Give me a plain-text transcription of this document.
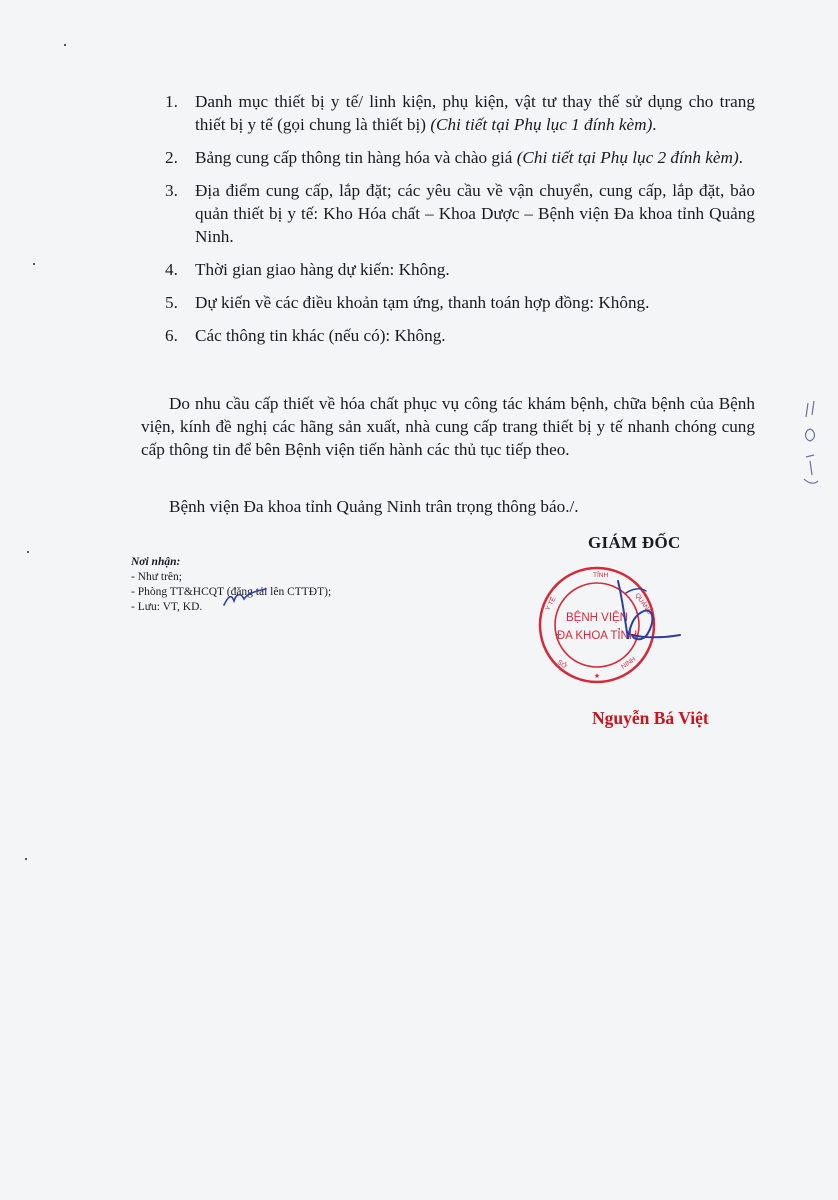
1. Danh mục thiết bị y tế/ linh kiện, phụ kiện, vật tư thay thế sử dụng cho trang thiết bị y tế (gọi chung là thiết bị) (Chi tiết tại Phụ lục 1 đính kèm).
2. Bảng cung cấp thông tin hàng hóa và chào giá (Chi tiết tại Phụ lục 2 đính kèm).
3. Địa điểm cung cấp, lắp đặt; các yêu cầu về vận chuyển, cung cấp, lắp đặt, bảo quản thiết bị y tế: Kho Hóa chất – Khoa Dược – Bệnh viện Đa khoa tỉnh Quảng Ninh.
4. Thời gian giao hàng dự kiến: Không.
5. Dự kiến về các điều khoản tạm ứng, thanh toán hợp đồng: Không.
6. Các thông tin khác (nếu có): Không.

Do nhu cầu cấp thiết về hóa chất phục vụ công tác khám bệnh, chữa bệnh của Bệnh viện, kính đề nghị các hãng sản xuất, nhà cung cấp trang thiết bị y tế nhanh chóng cung cấp thông tin để bên Bệnh viện tiến hành các thủ tục tiếp theo.

Bệnh viện Đa khoa tỉnh Quảng Ninh trân trọng thông báo./.

Nơi nhận:
- Như trên;
- Phòng TT&HCQT (đăng tải lên CTTĐT);
- Lưu: VT, KD.
GIÁM ĐỐC
TỈNH
QUẢNG
Y TẾ
SỞ	NINH
★
BỆNH VIỆN
ĐA KHOA TỈNH
Nguyễn Bá Việt
